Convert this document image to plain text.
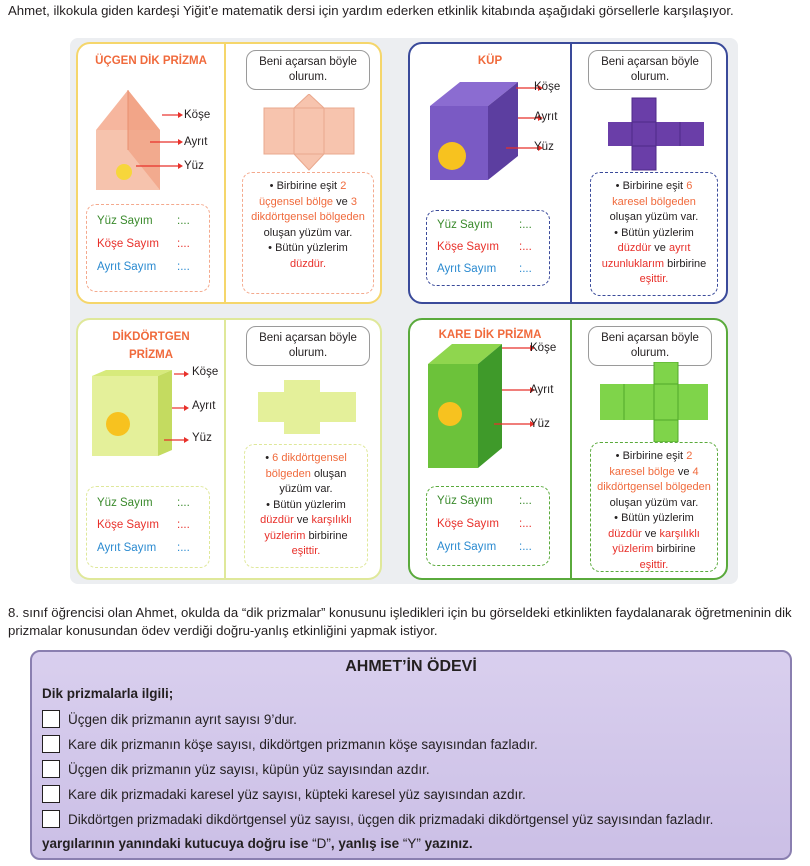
Ahmet, ilkokula giden kardeşi Yiğit’e matematik dersi için yardım ederken etkinlik kitabında aşağıdaki görsellerle karşılaşıyor.
ÜÇGEN DİK PRİZMA
Köşe
Ayrıt
Yüz
Yüz Sayım :...
Köşe Sayım :...
Ayrıt Sayım :...
Beni açarsan böyle olurum.
• Birbirine eşit 2 üçgensel bölge ve 3 dikdörtgensel bölgeden oluşan yüzüm var.
• Bütün yüzlerim düzdür.
KÜP
Köşe
Ayrıt
Yüz
Yüz Sayım :...
Köşe Sayım :...
Ayrıt Sayım :...
Beni açarsan böyle olurum.
• Birbirine eşit 6 karesel bölgeden oluşan yüzüm var.
• Bütün yüzlerim düzdür ve ayrıt uzunluklarım birbirine eşittir.
DİKDÖRTGEN
PRİZMA
Köşe
Ayrıt
Yüz
Yüz Sayım :...
Köşe Sayım :...
Ayrıt Sayım :...
Beni açarsan böyle olurum.
• 6 dikdörtgensel bölgeden oluşan yüzüm var.
• Bütün yüzlerim düzdür ve karşılıklı yüzlerim birbirine eşittir.
KARE DİK PRİZMA
Köşe
Ayrıt
Yüz
Yüz Sayım :...
Köşe Sayım :...
Ayrıt Sayım :...
Beni açarsan böyle olurum.
• Birbirine eşit 2 karesel bölge ve 4 dikdörtgensel bölgeden oluşan yüzüm var.
• Bütün yüzlerim düzdür ve karşılıklı yüzlerim birbirine eşittir.
8. sınıf öğrencisi olan Ahmet, okulda da “dik prizmalar” konusunu işledikleri için bu görseldeki etkinlikten faydalanarak öğretmeninin dik prizmalar konusundan ödev verdiği doğru-yanlış etkinliğini yapmak istiyor.
AHMET’İN ÖDEVİ
Dik prizmalarla ilgili;
Üçgen dik prizmanın ayrıt sayısı 9’dur.
Kare dik prizmanın köşe sayısı, dikdörtgen prizmanın köşe sayısından fazladır.
Üçgen dik prizmanın yüz sayısı, küpün yüz sayısından azdır.
Kare dik prizmadaki karesel yüz sayısı, küpteki karesel yüz sayısından azdır.
Dikdörtgen prizmadaki dikdörtgensel yüz sayısı, üçgen dik prizmadaki dikdörtgensel yüz sayısından fazladır.
yargılarının yanındaki kutucuya doğru ise “D”, yanlış ise “Y” yazınız.
